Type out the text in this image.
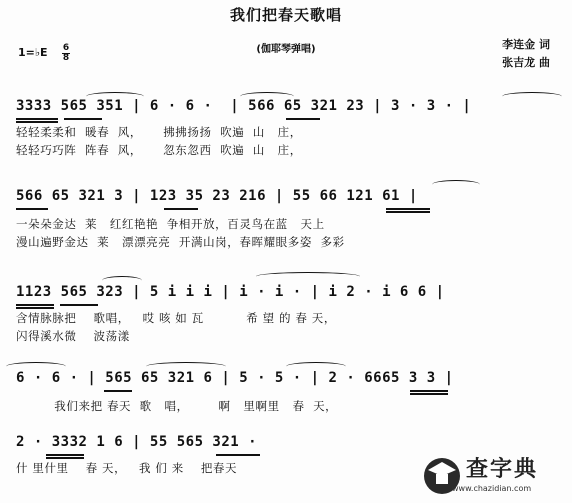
我们把春天歌唱
(伽耶琴弹唱)
1=♭E 6
8
李连金 词
张吉龙 曲
3333 565 351 | 6 · 6 ·  | 566 65 321 23 | 3 · 3 · |
轻轻柔柔和  暖春  风，     拂拂扬扬  吹遍  山   庄，
轻轻巧巧阵  阵春  风，     忽东忽西  吹遍  山   庄，
566 65 321 3 | 123 35 23 216 | 55 66 121 61 |
一朵朵金达  莱   红红艳艳  争相开放，百灵鸟在蓝   天上
漫山遍野金达  莱   漂漂亮亮  开满山岗，春晖耀眼多姿  多彩
1123 565 323 | 5 i i i | i · i · | i 2 · i 6 6 |
含情脉脉把    歌唱，   哎 咳 如 瓦          希 望 的 春 天，
闪得溪水微    波荡漾
6 · 6 · | 565 65 321 6 | 5 · 5 · | 2 · 6665 3 3 |
我们来把 春天  歌   唱，       啊   里啊里   春  天，
2 · 3332 1 6 | 55 565 321 ·
什 里什里    春 天，   我 们 来    把春天	查字典
www.chazidian.com
